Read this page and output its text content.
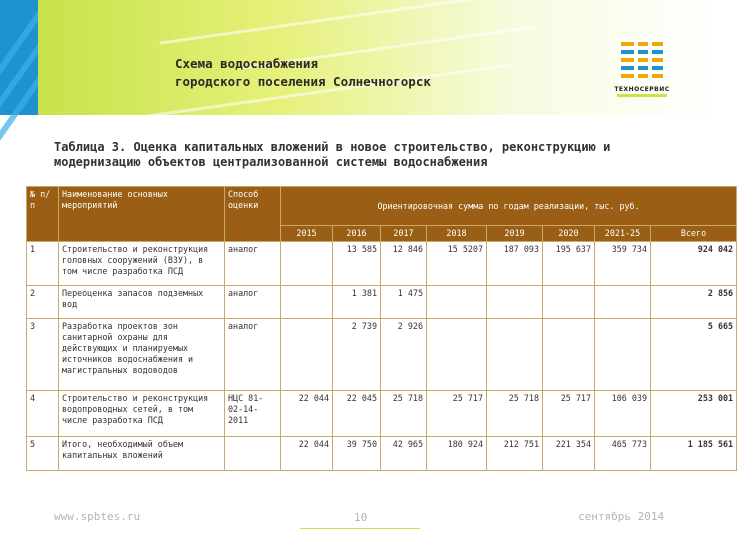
Схема водоснабжения
городского поселения Солнечногорск
ТЕХНОСЕРВИС
Таблица 3. Оценка капитальных вложений в новое строительство, реконструкцию и модернизацию объектов централизованной системы водоснабжения
№ п/п	Наименование основных мероприятий	Способ оценки	Ориентировочная сумма по годам реализации, тыс. руб.							
			2015	2016	2017	2018	2019	2020	2021-25	Всего
1	Строительство и реконструкция головных сооружений (ВЗУ), в том числе разработка ПСД	аналог		13 585	12 846	15 5207	187 093	195 637	359 734	924 042
2	Переоценка запасов подземных вод	аналог		1 381	1 475					2 856
3	Разработка проектов зон санитарной охраны для действующих и планируемых источников водоснабжения и магистральных водоводов	аналог		2 739	2 926					5 665
4	Строительство и реконструкция водопроводных сетей, в том числе разработка ПСД	НЦС 81-02-14-2011	22 044	22 045	25 718	25 717	25 718	25 717	106 039	253 001
5	Итого, необходимый объем капитальных вложений		22 044	39 750	42 965	180 924	212 751	221 354	465 773	1 185 561
www.spbtes.ru	10	сентябрь 2014
